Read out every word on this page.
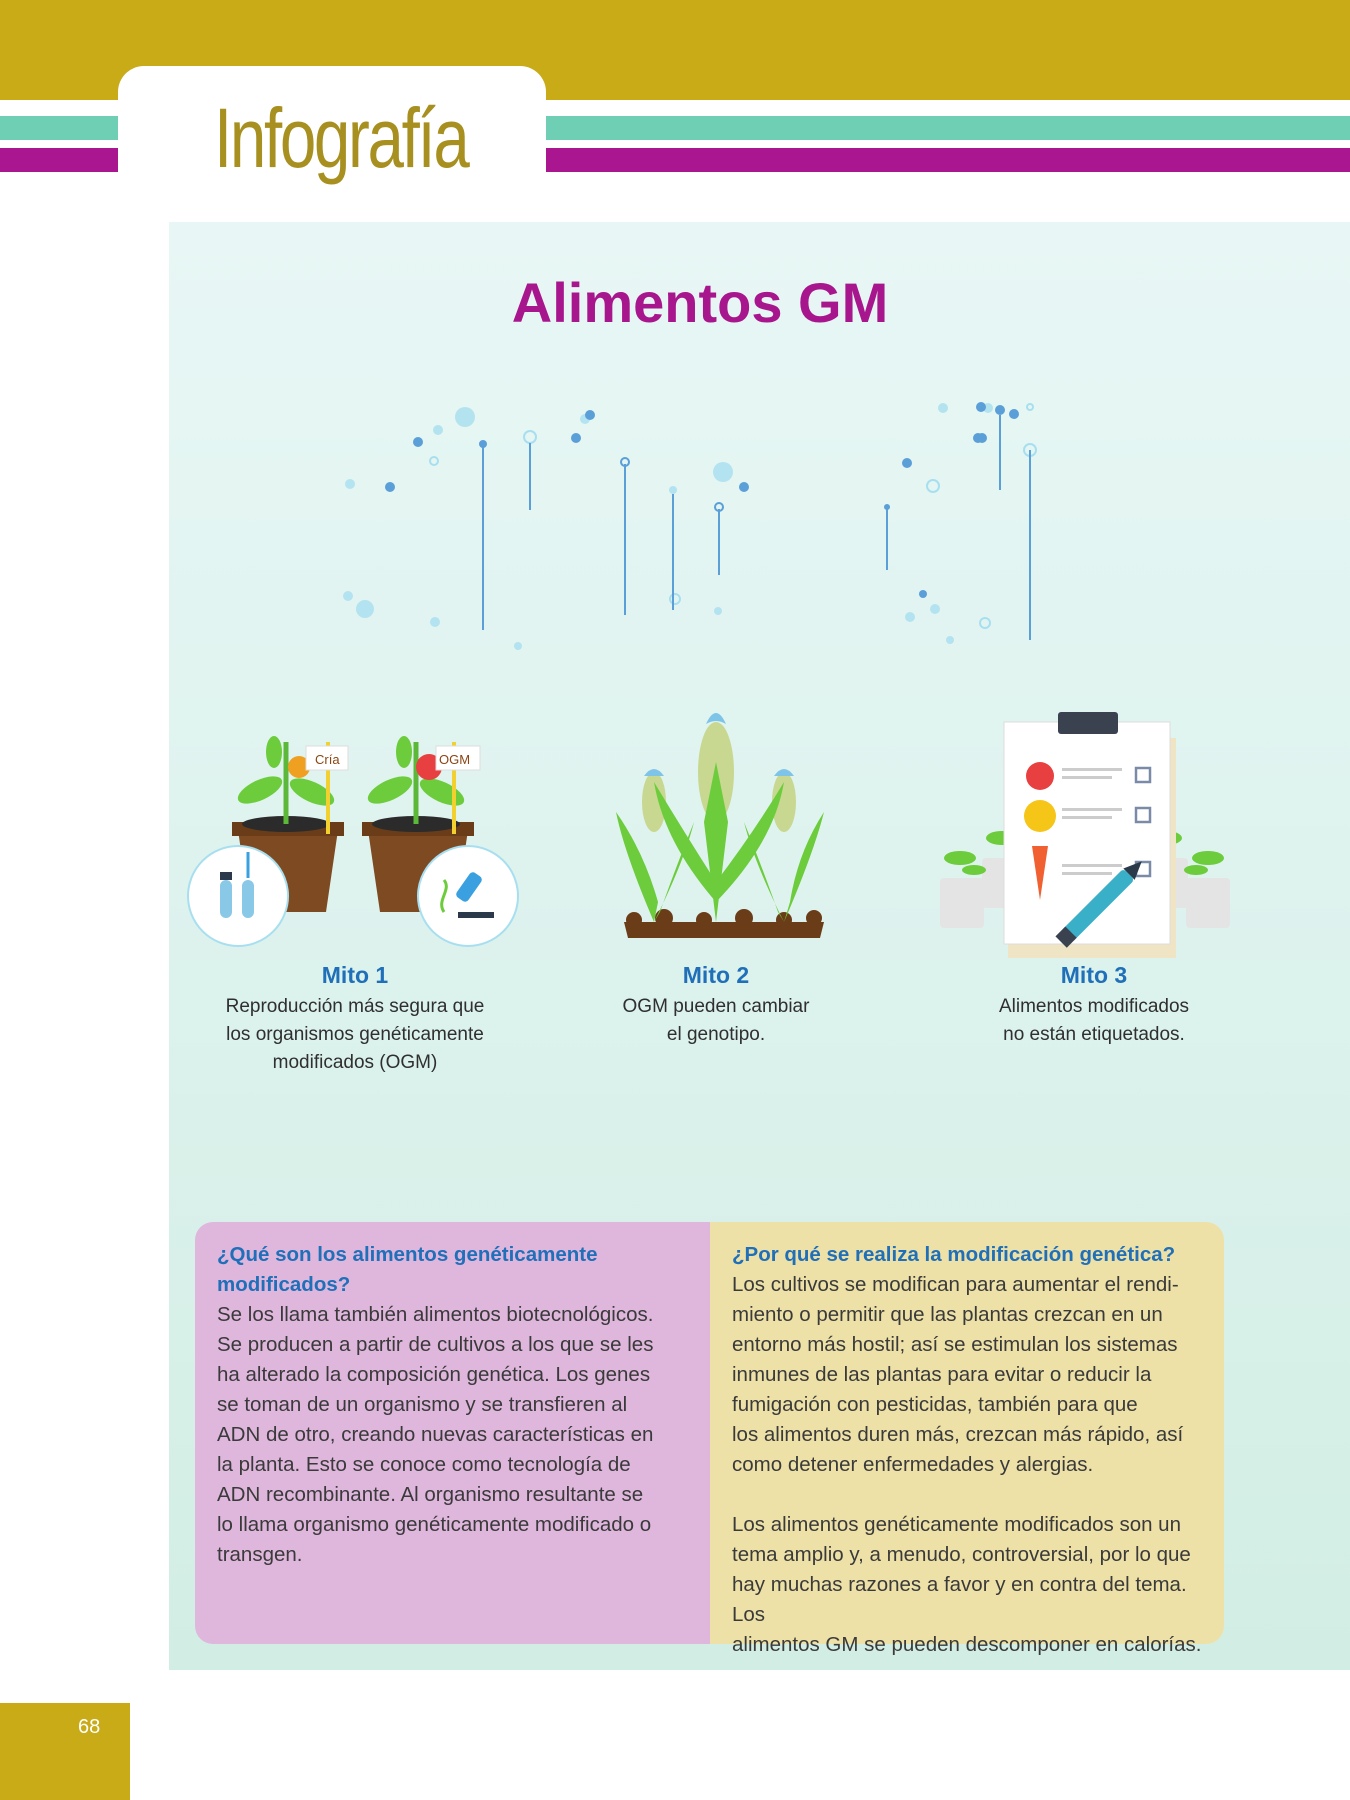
Infografía
Alimentos GM
Cría	OGM
Mito 1
Reproducción más segura que
los organismos genéticamente
modificados (OGM)
Mito 2
OGM pueden cambiar
el genotipo.
Mito 3
Alimentos modificados
no están etiquetados.
¿Qué son los alimentos genéticamente
modificados?
Se los llama también alimentos biotecnológicos.
Se producen a partir de cultivos a los que se les
ha alterado la composición genética. Los genes
se toman de un organismo y se transfieren al
ADN de otro, creando nuevas características en
la planta. Esto se conoce como tecnología de
ADN recombinante. Al organismo resultante se
lo llama organismo genéticamente modificado o
transgen.
¿Por qué se realiza la modificación genética?
Los cultivos se modifican para aumentar el rendi-
miento o permitir que las plantas crezcan en un
entorno más hostil; así se estimulan los sistemas
inmunes de las plantas para evitar o reducir la
fumigación con pesticidas, también para que
los alimentos duren más, crezcan más rápido, así
como detener enfermedades y alergias.
Los alimentos genéticamente modificados son un
tema amplio y, a menudo, controversial, por lo que
hay muchas razones a favor y en contra del tema. Los
alimentos GM se pueden descomponer en calorías.
68
